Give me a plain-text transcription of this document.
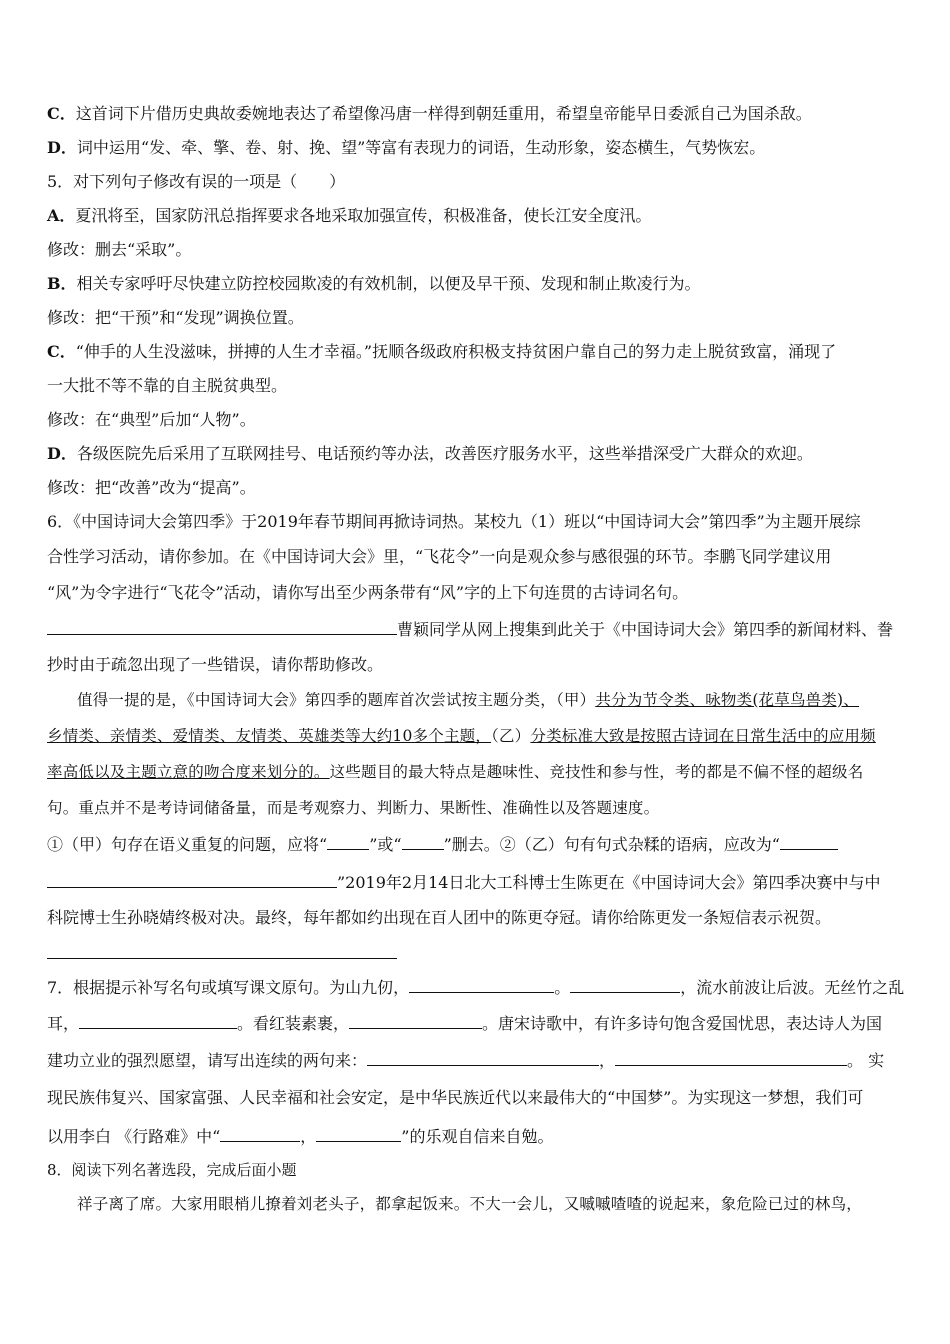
C．这首词下片借历史典故委婉地表达了希望像冯唐一样得到朝廷重用，希望皇帝能早日委派自己为国杀敌。
D．词中运用“发、牵、擎、卷、射、挽、望”等富有表现力的词语，生动形象，姿态横生，气势恢宏。
5．对下列句子修改有误的一项是（　　）
A．夏汛将至，国家防汛总指挥要求各地采取加强宣传，积极准备，使长江安全度汛。
修改：删去“采取”。
B．相关专家呼吁尽快建立防控校园欺凌的有效机制，以便及早干预、发现和制止欺凌行为。
修改：把“干预”和“发现”调换位置。
C．“伸手的人生没滋味，拼搏的人生才幸福。”抚顺各级政府积极支持贫困户靠自己的努力走上脱贫致富，涌现了
一大批不等不靠的自主脱贫典型。
修改：在“典型”后加“人物”。
D．各级医院先后采用了互联网挂号、电话预约等办法，改善医疗服务水平，这些举措深受广大群众的欢迎。
修改：把“改善”改为“提高”。
6．《中国诗词大会第四季》于2019年春节期间再掀诗词热。某校九（1）班以“中国诗词大会”第四季”为主题开展综
合性学习活动，请你参加。在《中国诗词大会》里，“飞花令”一向是观众参与感很强的环节。李鹏飞同学建议用
“风”为令字进行“飞花令”活动，请你写出至少两条带有“风”字的上下句连贯的古诗词名句。
曹颖同学从网上搜集到此关于《中国诗词大会》第四季的新闻材料、誊
抄时由于疏忽出现了一些错误，请你帮助修改。
值得一提的是，《中国诗词大会》第四季的题库首次尝试按主题分类，（甲）共分为节令类、咏物类(花草鸟兽类)、
乡情类、亲情类、爱情类、友情类、英雄类等大约10多个主题，（乙）分类标准大致是按照古诗词在日常生活中的应用频
率高低以及主题立意的吻合度来划分的。这些题目的最大特点是趣味性、竞技性和参与性，考的都是不偏不怪的超级名
句。重点并不是考诗词储备量，而是考观察力、判断力、果断性、准确性以及答题速度。
①（甲）句存在语义重复的问题，应将“	”或“	”删去。②（乙）句有句式杂糅的语病，应改为“
”2019年2月14日北大工科博士生陈更在《中国诗词大会》第四季决赛中与中
科院博士生孙晓婧终极对决。最终，每年都如约出现在百人团中的陈更夺冠。请你给陈更发一条短信表示祝贺。
7．根据提示补写名句或填写课文原句。为山九仞，	。	，流水前波让后波。无丝竹之乱
耳，	。看红装素裹，	。唐宋诗歌中，有许多诗句饱含爱国忧思，表达诗人为国
建功立业的强烈愿望，请写出连续的两句来：	，	。 实
现民族伟复兴、国家富强、人民幸福和社会安定，是中华民族近代以来最伟大的“中国梦”。为实现这一梦想，我们可
以用李白 《行路难》中“	，	”的乐观自信来自勉。
8．阅读下列名著选段，完成后面小题
祥子离了席。大家用眼梢儿撩着刘老头子，都拿起饭来。不大一会儿，又嘁嘁喳喳的说起来，象危险已过的林鸟，
